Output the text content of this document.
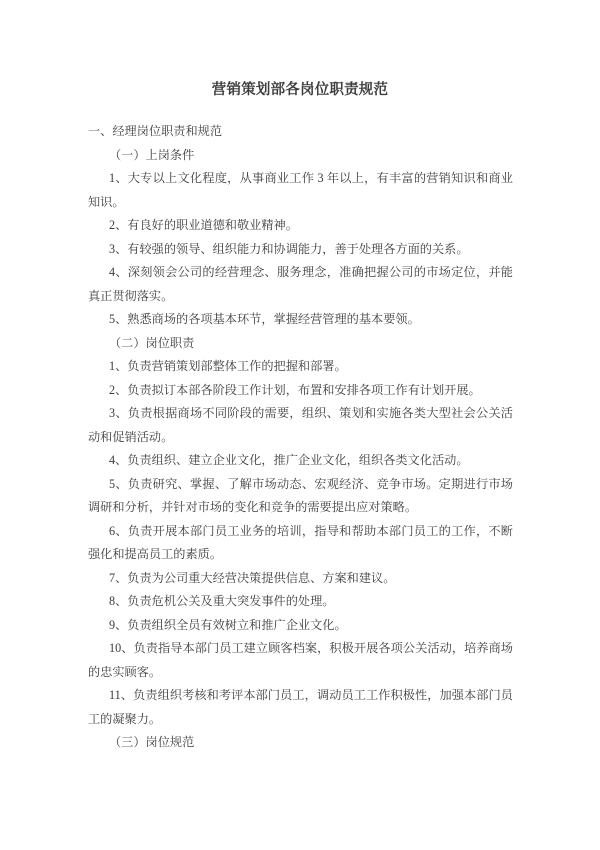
营销策划部各岗位职责规范
一、经理岗位职责和规范
（一）上岗条件
1、大专以上文化程度，从事商业工作 3 年以上，有丰富的营销知识和商业
知识。
2、有良好的职业道德和敬业精神。
3、有较强的领导、组织能力和协调能力，善于处理各方面的关系。
4、深刻领会公司的经营理念、服务理念，准确把握公司的市场定位，并能
真正贯彻落实。
5、熟悉商场的各项基本环节，掌握经营管理的基本要领。
（二）岗位职责
1、负责营销策划部整体工作的把握和部署。
2、负责拟订本部各阶段工作计划，布置和安排各项工作有计划开展。
3、负责根据商场不同阶段的需要，组织、策划和实施各类大型社会公关活
动和促销活动。
4、负责组织、建立企业文化，推广企业文化，组织各类文化活动。
5、负责研究、掌握、了解市场动态、宏观经济、竞争市场。定期进行市场
调研和分析，并针对市场的变化和竞争的需要提出应对策略。
6、负责开展本部门员工业务的培训，指导和帮助本部门员工的工作，不断
强化和提高员工的素质。
7、负责为公司重大经营决策提供信息、方案和建议。
8、负责危机公关及重大突发事件的处理。
9、负责组织全员有效树立和推广企业文化。
10、负责指导本部门员工建立顾客档案，积极开展各项公关活动，培养商场
的忠实顾客。
11、负责组织考核和考评本部门员工，调动员工工作积极性，加强本部门员
工的凝聚力。
（三）岗位规范
